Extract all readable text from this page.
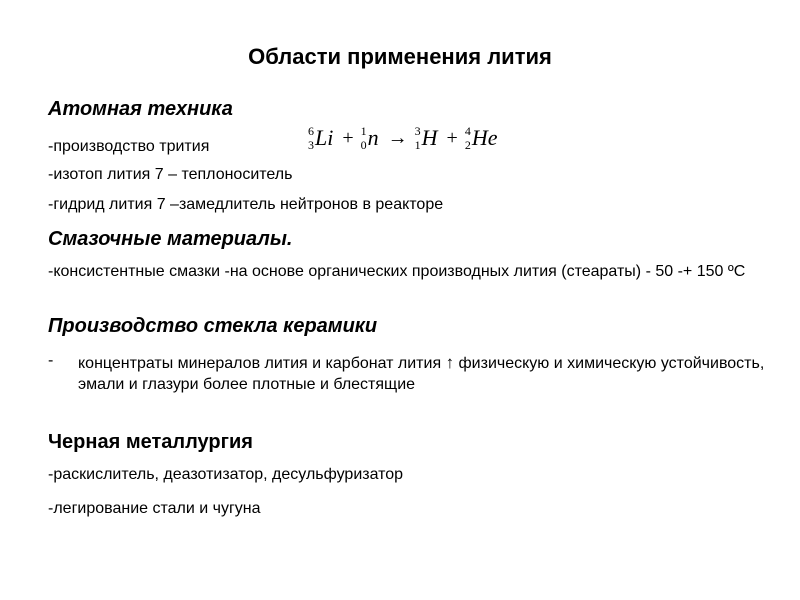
Области применения лития
Атомная техника
-производство трития
6
3 Li + 1
0 n → 3
1 H + 4
2 He
-изотоп лития 7 – теплоноситель
-гидрид лития 7 –замедлитель нейтронов в реакторе
Смазочные материалы.
-консистентные смазки -на основе органических производных лития (стеараты) - 50 -+ 150 ºС
Производство стекла керамики
- концентраты минералов лития и карбонат лития ↑ физическую и химическую устойчивость, эмали и глазури более плотные и блестящие
Черная металлургия
-раскислитель, деазотизатор, десульфуризатор
-легирование стали и чугуна
